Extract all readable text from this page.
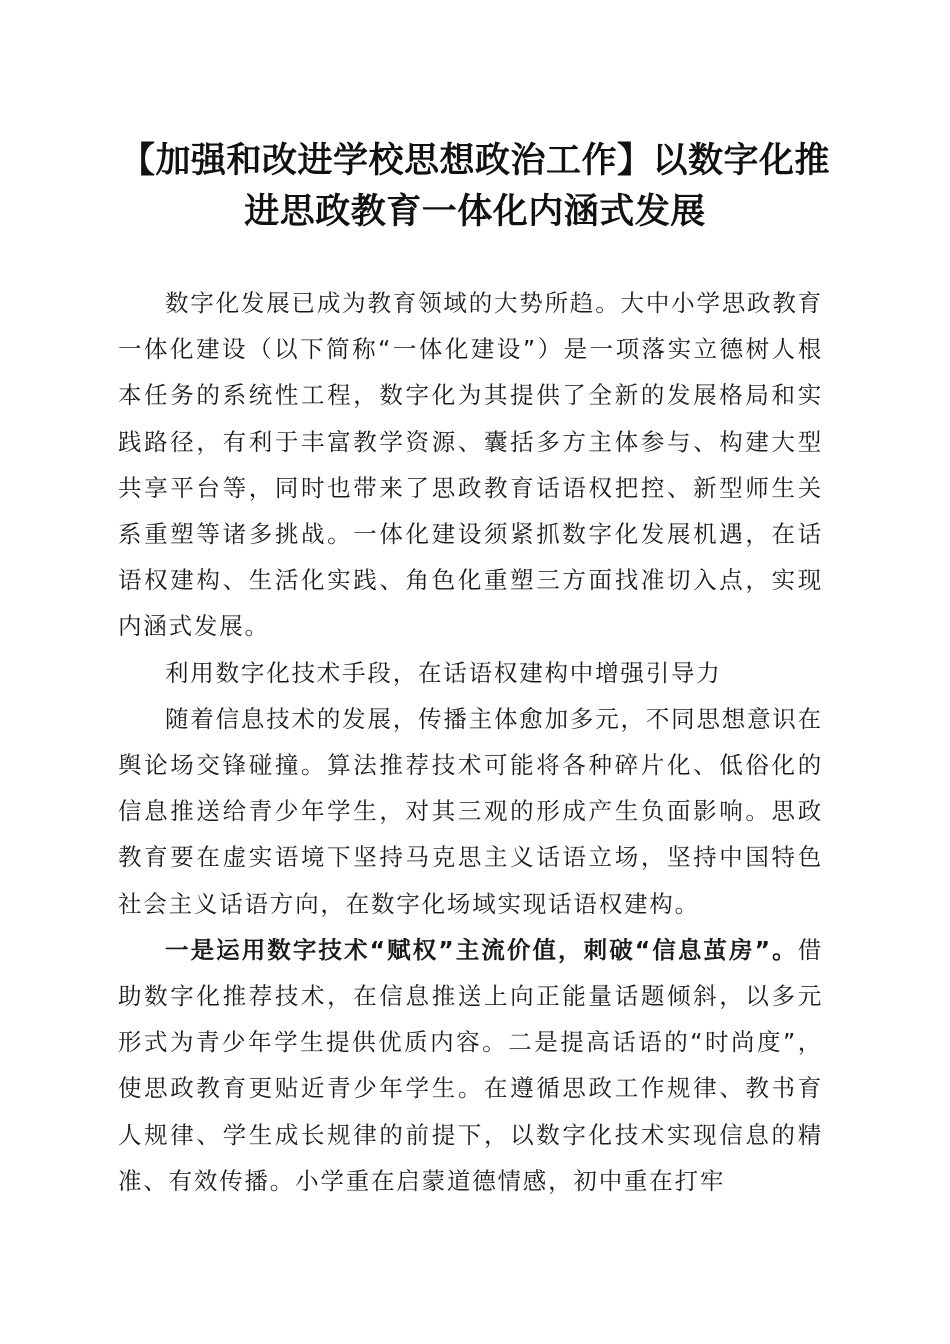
【加强和改进学校思想政治工作】以数字化推
进思政教育一体化内涵式发展

数字化发展已成为教育领域的大势所趋。大中小学思政教育一体化建设（以下简称“一体化建设”）是一项落实立德树人根本任务的系统性工程，数字化为其提供了全新的发展格局和实践路径，有利于丰富教学资源、囊括多方主体参与、构建大型共享平台等，同时也带来了思政教育话语权把控、新型师生关系重塑等诸多挑战。一体化建设须紧抓数字化发展机遇，在话语权建构、生活化实践、角色化重塑三方面找准切入点，实现内涵式发展。

利用数字化技术手段，在话语权建构中增强引导力

随着信息技术的发展，传播主体愈加多元，不同思想意识在舆论场交锋碰撞。算法推荐技术可能将各种碎片化、低俗化的信息推送给青少年学生，对其三观的形成产生负面影响。思政教育要在虚实语境下坚持马克思主义话语立场，坚持中国特色社会主义话语方向，在数字化场域实现话语权建构。

一是运用数字技术“赋权”主流价值，刺破“信息茧房”。借助数字化推荐技术，在信息推送上向正能量话题倾斜，以多元形式为青少年学生提供优质内容。二是提高话语的“时尚度”，使思政教育更贴近青少年学生。在遵循思政工作规律、教书育人规律、学生成长规律的前提下，以数字化技术实现信息的精准、有效传播。小学重在启蒙道德情感，初中重在打牢
